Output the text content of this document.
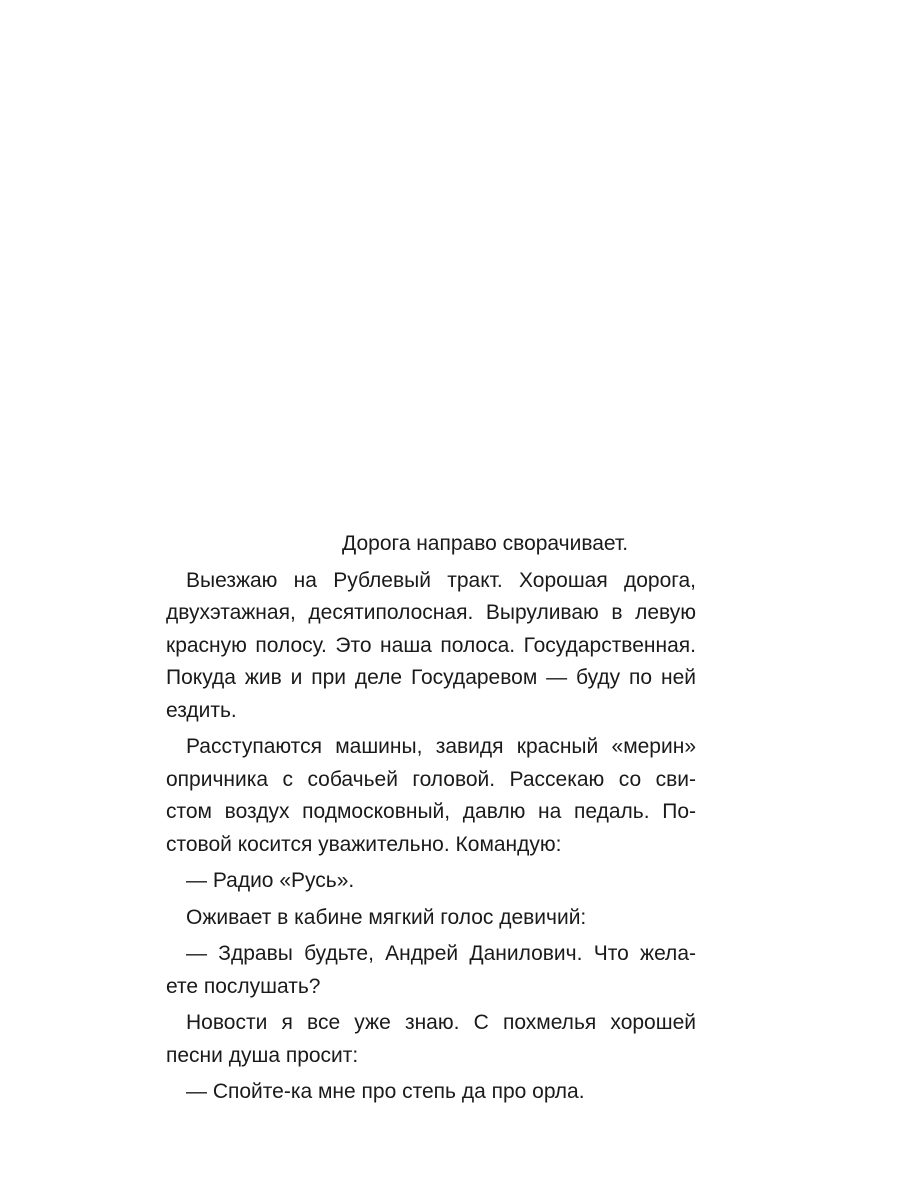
Дорога направо сворачивает.
Выезжаю на Рублевый тракт. Хорошая дорога,
двухэтажная, десятиполосная. Выруливаю в левую
красную полосу. Это наша полоса. Государственная.
Покуда жив и при деле Государевом — буду по ней
ездить.
Расступаются машины, завидя красный «мерин»
опричника с собачьей головой. Рассекаю со сви-
стом воздух подмосковный, давлю на педаль. По-
стовой косится уважительно. Командую:
— Радио «Русь».
Оживает в кабине мягкий голос девичий:
— Здравы будьте, Андрей Данилович. Что жела-
ете послушать?
Новости я все уже знаю. С похмелья хорошей
песни душа просит:
— Спойте-ка мне про степь да про орла.
